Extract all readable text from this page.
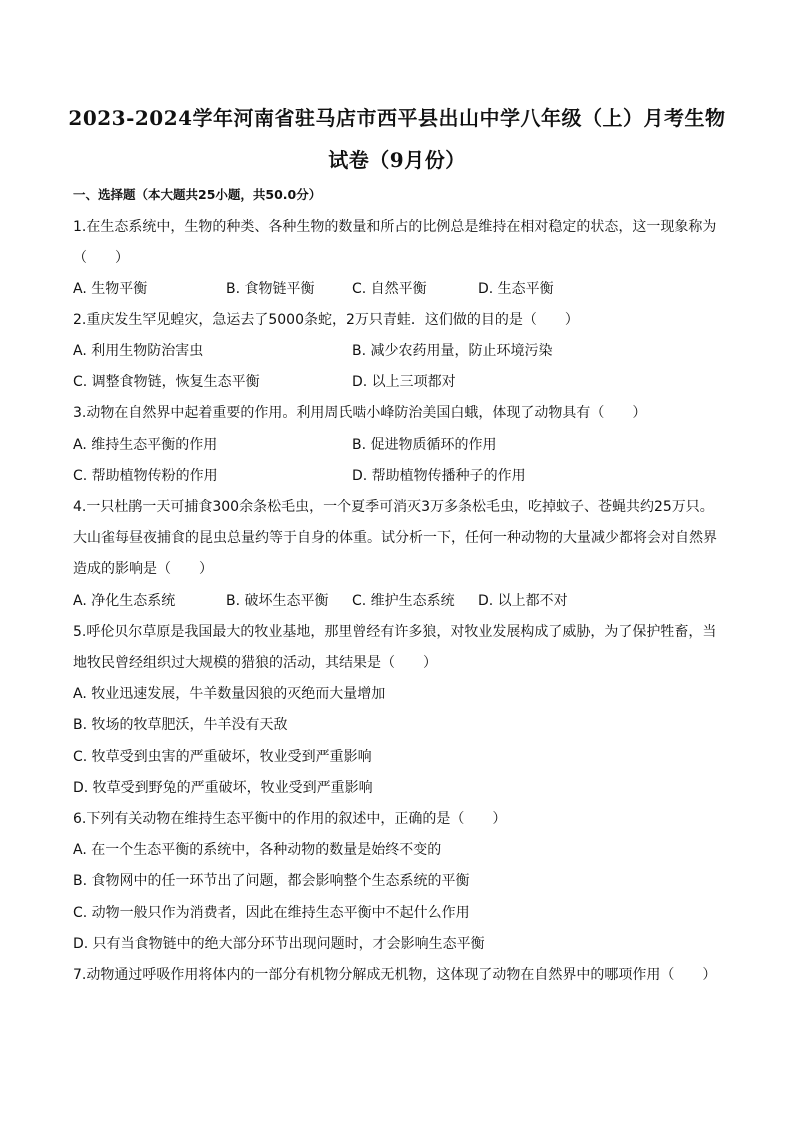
2023-2024学年河南省驻马店市西平县出山中学八年级（上）月考生物
试卷（9月份）
一、选择题（本大题共25小题，共50.0分）
1.在生态系统中，生物的种类、各种生物的数量和所占的比例总是维持在相对稳定的状态，这一现象称为
（　　）
A. 生物平衡	B. 食物链平衡	C. 自然平衡	D. 生态平衡
2.重庆发生罕见蝗灾，急运去了5000条蛇，2万只青蛙．这们做的目的是（　　）
A. 利用生物防治害虫	B. 减少农药用量，防止环境污染
C. 调整食物链，恢复生态平衡	D. 以上三项都对
3.动物在自然界中起着重要的作用。利用周氏啮小峰防治美国白蛾，体现了动物具有（　　）
A. 维持生态平衡的作用	B. 促进物质循环的作用
C. 帮助植物传粉的作用	D. 帮助植物传播种子的作用
4.一只杜鹃一天可捕食300余条松毛虫，一个夏季可消灭3万多条松毛虫，吃掉蚊子、苍蝇共约25万只。
大山雀每昼夜捕食的昆虫总量约等于自身的体重。试分析一下，任何一种动物的大量减少都将会对自然界
造成的影响是（　　）
A. 净化生态系统	B. 破坏生态平衡 C. 维护生态系统 D. 以上都不对
5.呼伦贝尔草原是我国最大的牧业基地，那里曾经有许多狼，对牧业发展构成了威胁，为了保护牲畜，当
地牧民曾经组织过大规模的猎狼的活动，其结果是（　　）
A. 牧业迅速发展，牛羊数量因狼的灭绝而大量增加
B. 牧场的牧草肥沃，牛羊没有天敌
C. 牧草受到虫害的严重破坏，牧业受到严重影响
D. 牧草受到野兔的严重破坏，牧业受到严重影响
6.下列有关动物在维持生态平衡中的作用的叙述中，正确的是（　　）
A. 在一个生态平衡的系统中，各种动物的数量是始终不变的
B. 食物网中的任一环节出了问题，都会影响整个生态系统的平衡
C. 动物一般只作为消费者，因此在维持生态平衡中不起什么作用
D. 只有当食物链中的绝大部分环节出现问题时，才会影响生态平衡
7.动物通过呼吸作用将体内的一部分有机物分解成无机物，这体现了动物在自然界中的哪项作用（　　）
